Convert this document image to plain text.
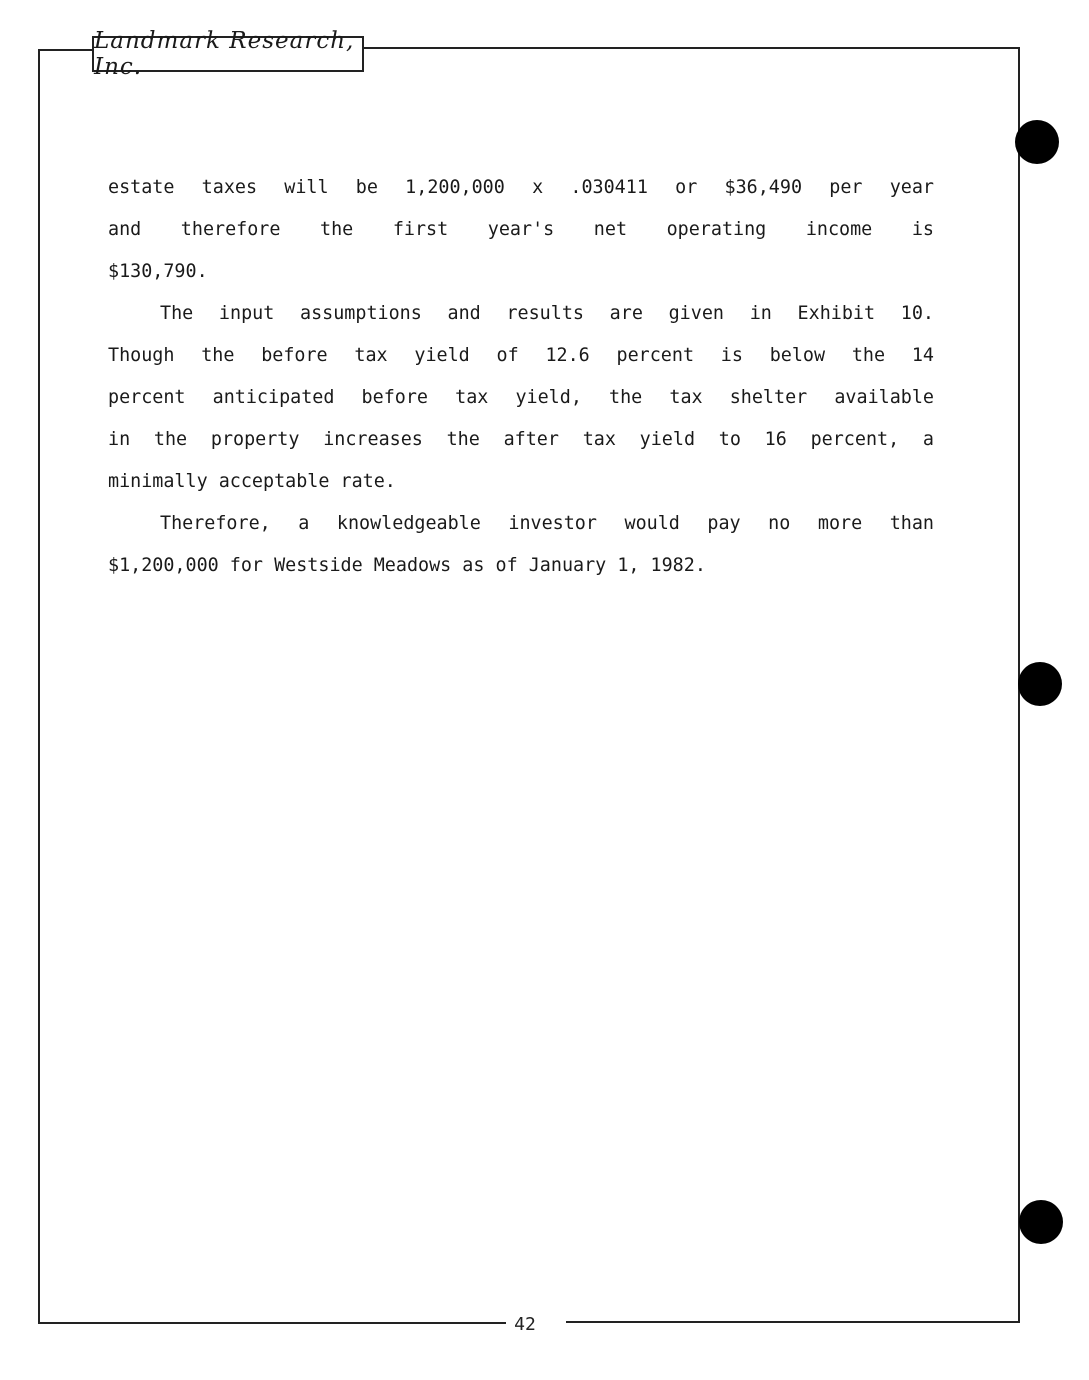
Landmark Research, Inc.

estate taxes will be 1,200,000 x .030411 or $36,490 per year

and therefore the first year's net operating income is

$130,790.

The input assumptions and results are given in Exhibit 10.

Though the before tax yield of 12.6 percent is below the 14

percent anticipated before tax yield, the tax shelter available

in the property increases the after tax yield to 16 percent, a

minimally acceptable rate.

Therefore, a knowledgeable investor would pay no more than

$1,200,000 for Westside Meadows as of January 1, 1982.

42
